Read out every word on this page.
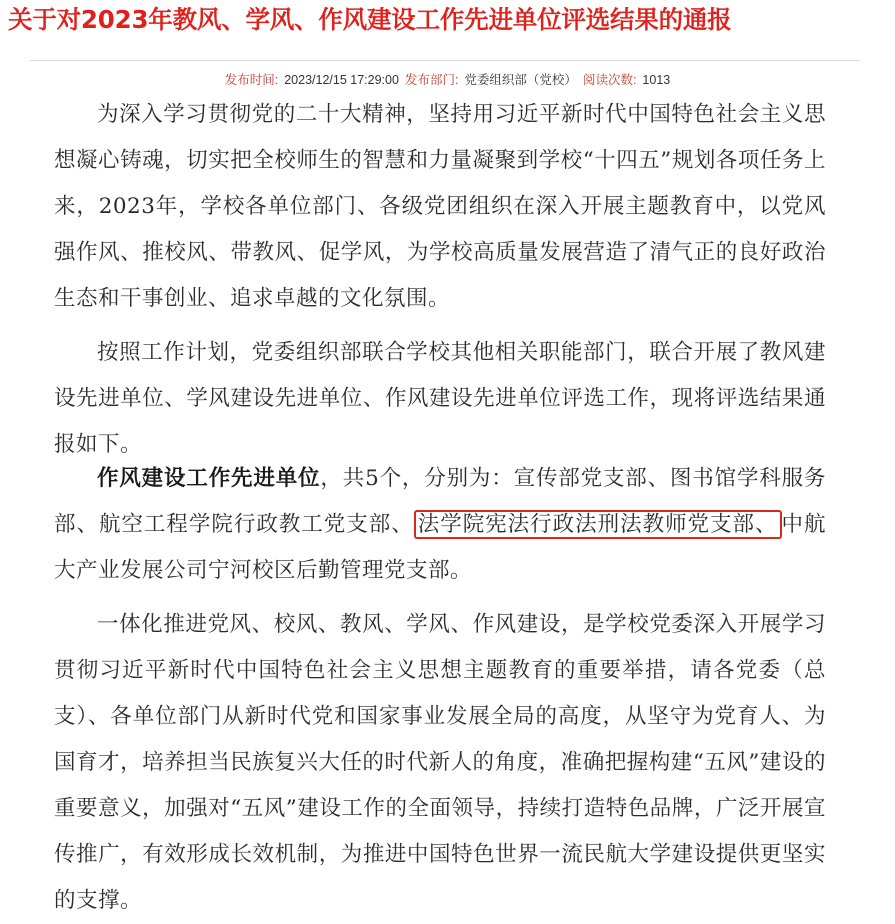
关于对2023年教风、学风、作风建设工作先进单位评选结果的通报
发布时间: 2023/12/15 17:29:00 发布部门: 党委组织部（党校） 阅读次数: 1013

为深入学习贯彻党的二十大精神，坚持用习近平新时代中国特色社会主义思想凝心铸魂，切实把全校师生的智慧和力量凝聚到学校“十四五”规划各项任务上来，2023年，学校各单位部门、各级党团组织在深入开展主题教育中，以党风强作风、推校风、带教风、促学风，为学校高质量发展营造了清气正的良好政治生态和干事创业、追求卓越的文化氛围。

按照工作计划，党委组织部联合学校其他相关职能部门，联合开展了教风建设先进单位、学风建设先进单位、作风建设先进单位评选工作，现将评选结果通报如下。

作风建设工作先进单位，共5个，分别为：宣传部党支部、图书馆学科服务部、航空工程学院行政教工党支部、 法学院宪法行政法刑法教师党支部、 中航大产业发展公司宁河校区后勤管理党支部。

一体化推进党风、校风、教风、学风、作风建设，是学校党委深入开展学习贯彻习近平新时代中国特色社会主义思想主题教育的重要举措，请各党委（总支）、各单位部门从新时代党和国家事业发展全局的高度，从坚守为党育人、为国育才，培养担当民族复兴大任的时代新人的角度，准确把握构建“五风”建设的重要意义，加强对“五风”建设工作的全面领导，持续打造特色品牌，广泛开展宣传推广，有效形成长效机制，为推进中国特色世界一流民航大学建设提供更坚实的支撑。
